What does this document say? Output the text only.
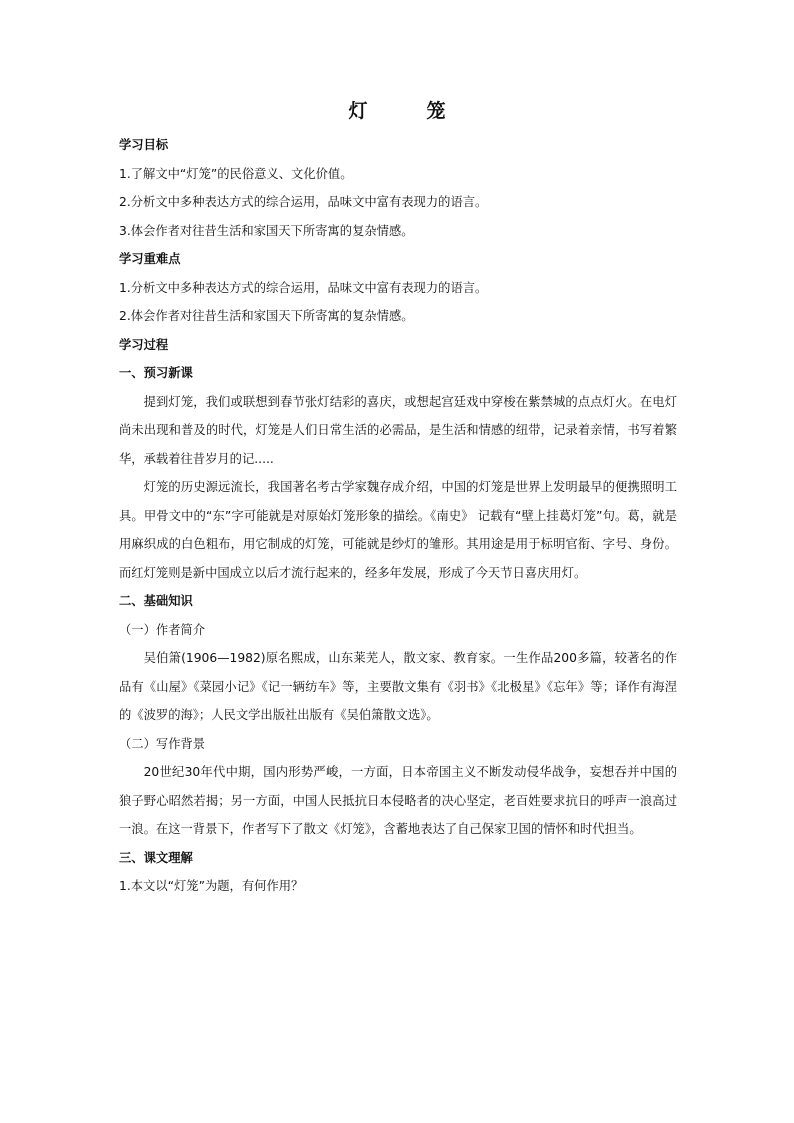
灯　笼

学习目标

1.了解文中“灯笼”的民俗意义、文化价值。

2.分析文中多种表达方式的综合运用，品味文中富有表现力的语言。

3.体会作者对往昔生活和家国天下所寄寓的复杂情感。

学习重难点

1.分析文中多种表达方式的综合运用，品味文中富有表现力的语言。

2.体会作者对往昔生活和家国天下所寄寓的复杂情感。

学习过程

一、预习新课

提到灯笼，我们或联想到春节张灯结彩的喜庆，或想起宫廷戏中穿梭在紫禁城的点点灯火。在电灯尚未出现和普及的时代，灯笼是人们日常生活的必需品，是生活和情感的纽带，记录着亲情，书写着繁华，承载着往昔岁月的记.....

灯笼的历史源远流长，我国著名考古学家魏存成介绍，中国的灯笼是世界上发明最早的便携照明工具。甲骨文中的“东”字可能就是对原始灯笼形象的描绘。《南史》 记载有“壁上挂葛灯笼”句。葛，就是用麻织成的白色粗布，用它制成的灯笼，可能就是纱灯的雏形。其用途是用于标明官衔、字号、身份。而红灯笼则是新中国成立以后才流行起来的，经多年发展，形成了今天节日喜庆用灯。

二、基础知识

（一）作者简介

吴伯箫(1906—1982)原名熙成，山东莱芜人，散文家、教育家。一生作品200多篇，较著名的作品有《山屋》《菜园小记》《记一辆纺车》等，主要散文集有《羽书》《北极星》《忘年》等；译作有海涅的《波罗的海》；人民文学出版社出版有《吴伯箫散文选》。

（二）写作背景

20世纪30年代中期，国内形势严峻，一方面，日本帝国主义不断发动侵华战争，妄想吞并中国的狼子野心昭然若揭；另一方面，中国人民抵抗日本侵略者的决心坚定，老百姓要求抗日的呼声一浪高过一浪。在这一背景下，作者写下了散文《灯笼》，含蓄地表达了自己保家卫国的情怀和时代担当。

三、课文理解

1.本文以“灯笼”为题，有何作用？
